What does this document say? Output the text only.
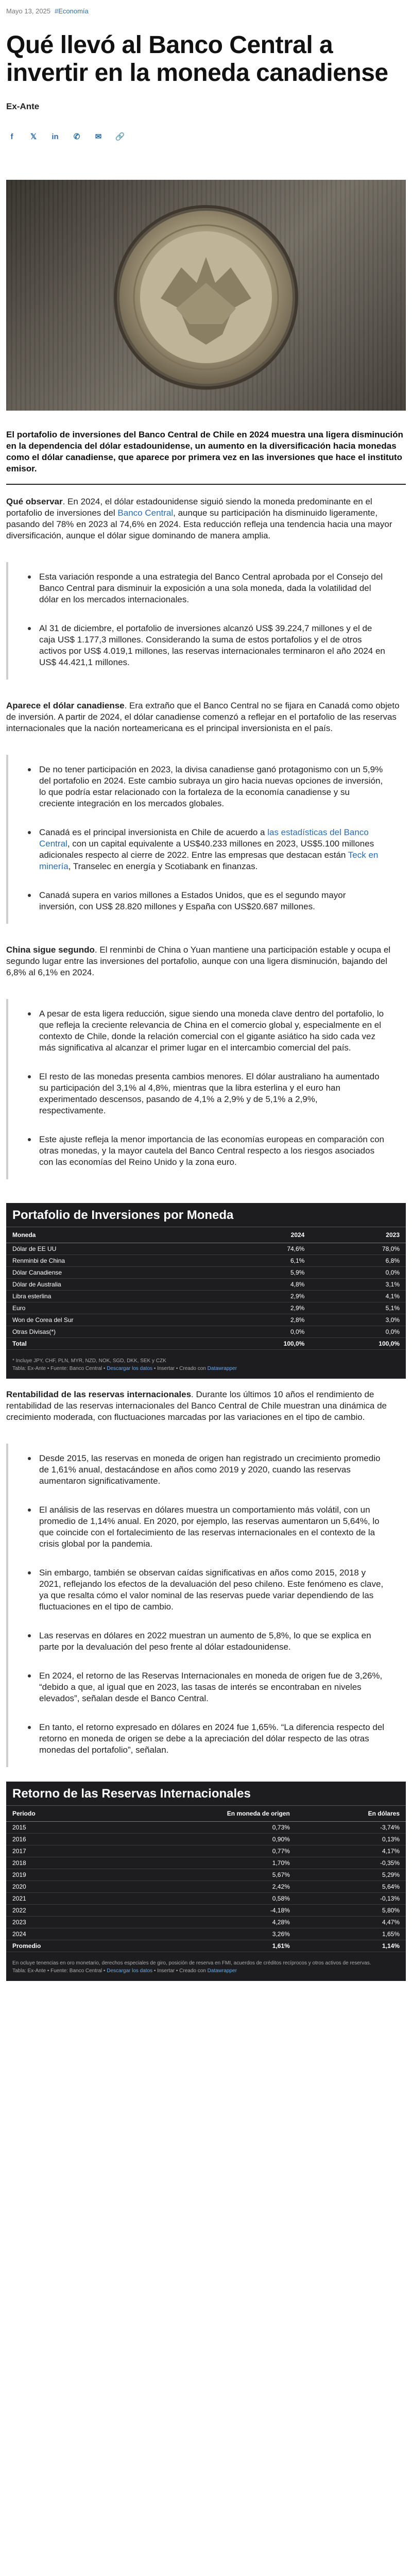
Mayo 13, 2025 #Economía
Qué llevó al Banco Central a invertir en la moneda canadiense
Ex-Ante
f	𝕏	in	✆	✉	🔗
El portafolio de inversiones del Banco Central de Chile en 2024 muestra una ligera disminución en la dependencia del dólar estadounidense, un aumento en la diversificación hacia monedas como el dólar canadiense, que aparece por primera vez en las inversiones que hace el instituto emisor.

Qué observar. En 2024, el dólar estadounidense siguió siendo la moneda predominante en el portafolio de inversiones del Banco Central, aunque su participación ha disminuido ligeramente, pasando del 78% en 2023 al 74,6% en 2024. Esta reducción refleja una tendencia hacia una mayor diversificación, aunque el dólar sigue dominando de manera amplia.

Esta variación responde a una estrategia del Banco Central aprobada por el Consejo del Banco Central para disminuir la exposición a una sola moneda, dada la volatilidad del dólar en los mercados internacionales.
Al 31 de diciembre, el portafolio de inversiones alcanzó US$ 39.224,7 millones y el de caja US$ 1.177,3 millones. Considerando la suma de estos portafolios y el de otros activos por US$ 4.019,1 millones, las reservas internacionales terminaron el año 2024 en US$ 44.421,1 millones.

Aparece el dólar canadiense. Era extraño que el Banco Central no se fijara en Canadá como objeto de inversión. A partir de 2024, el dólar canadiense comenzó a reflejar en el portafolio de las reservas internacionales que la nación norteamericana es el principal inversionista en el país.

De no tener participación en 2023, la divisa canadiense ganó protagonismo con un 5,9% del portafolio en 2024. Este cambio subraya un giro hacia nuevas opciones de inversión, lo que podría estar relacionado con la fortaleza de la economía canadiense y su creciente integración en los mercados globales.
Canadá es el principal inversionista en Chile de acuerdo a las estadísticas del Banco Central, con un capital equivalente a US$40.233 millones en 2023, US$5.100 millones adicionales respecto al cierre de 2022. Entre las empresas que destacan están Teck en minería, Transelec en energía y Scotiabank en finanzas.
Canadá supera en varios millones a Estados Unidos, que es el segundo mayor inversión, con US$ 28.820 millones y España con US$20.687 millones.

China sigue segundo. El renminbi de China o Yuan mantiene una participación estable y ocupa el segundo lugar entre las inversiones del portafolio, aunque con una ligera disminución, bajando del 6,8% al 6,1% en 2024.

A pesar de esta ligera reducción, sigue siendo una moneda clave dentro del portafolio, lo que refleja la creciente relevancia de China en el comercio global y, especialmente en el contexto de Chile, donde la relación comercial con el gigante asiático ha sido cada vez más significativa al alcanzar el primer lugar en el intercambio comercial del país.
El resto de las monedas presenta cambios menores. El dólar australiano ha aumentado su participación del 3,1% al 4,8%, mientras que la libra esterlina y el euro han experimentado descensos, pasando de 4,1% a 2,9% y de 5,1% a 2,9%, respectivamente.
Este ajuste refleja la menor importancia de las economías europeas en comparación con otras monedas, y la mayor cautela del Banco Central respecto a los riesgos asociados con las economías del Reino Unido y la zona euro.
Portafolio de Inversiones por Moneda
Moneda	2024	2023
Dólar de EE UU	74,6%	78,0%
Renminbi de China	6,1%	6,8%
Dólar Canadiense	5,9%	0,0%
Dólar de Australia	4,8%	3,1%
Libra esterlina	2,9%	4,1%
Euro	2,9%	5,1%
Won de Corea del Sur	2,8%	3,0%
Otras Divisas(*)	0,0%	0,0%
Total	100,0%	100,0%
* Incluye JPY, CHF, PLN, MYR, NZD, NOK, SGD, DKK, SEK y CZK
Tabla: Ex-Ante • Fuente: Banco Central • Descargar los datos • Insertar • Creado con Datawrapper

Rentabilidad de las reservas internacionales. Durante los últimos 10 años el rendimiento de rentabilidad de las reservas internacionales del Banco Central de Chile muestran una dinámica de crecimiento moderada, con fluctuaciones marcadas por las variaciones en el tipo de cambio.

Desde 2015, las reservas en moneda de origen han registrado un crecimiento promedio de 1,61% anual, destacándose en años como 2019 y 2020, cuando las reservas aumentaron significativamente.
El análisis de las reservas en dólares muestra un comportamiento más volátil, con un promedio de 1,14% anual. En 2020, por ejemplo, las reservas aumentaron un 5,64%, lo que coincide con el fortalecimiento de las reservas internacionales en el contexto de la crisis global por la pandemia.
Sin embargo, también se observan caídas significativas en años como 2015, 2018 y 2021, reflejando los efectos de la devaluación del peso chileno. Este fenómeno es clave, ya que resalta cómo el valor nominal de las reservas puede variar dependiendo de las fluctuaciones en el tipo de cambio.
Las reservas en dólares en 2022 muestran un aumento de 5,8%, lo que se explica en parte por la devaluación del peso frente al dólar estadounidense.
En 2024, el retorno de las Reservas Internacionales en moneda de origen fue de 3,26%, “debido a que, al igual que en 2023, las tasas de interés se encontraban en niveles elevados”, señalan desde el Banco Central.
En tanto, el retorno expresado en dólares en 2024 fue 1,65%. “La diferencia respecto del retorno en moneda de origen se debe a la apreciación del dólar respecto de las otras monedas del portafolio”, señalan.
Retorno de las Reservas Internacionales
Periodo	En moneda de origen	En dólares
2015	0,73%	-3,74%
2016	0,90%	0,13%
2017	0,77%	4,17%
2018	1,70%	-0,35%
2019	5,67%	5,29%
2020	2,42%	5,64%
2021	0,58%	-0,13%
2022	-4,18%	5,80%
2023	4,28%	4,47%
2024	3,26%	1,65%
Promedio	1,61%	1,14%
En ocluye tenencias en oro monetario, derechos especiales de giro, posición de reserva en FMI, acuerdos de créditos recíprocos y otros activos de reservas.
Tabla: Ex-Ante • Fuente: Banco Central • Descargar los datos • Insertar • Creado con Datawrapper
